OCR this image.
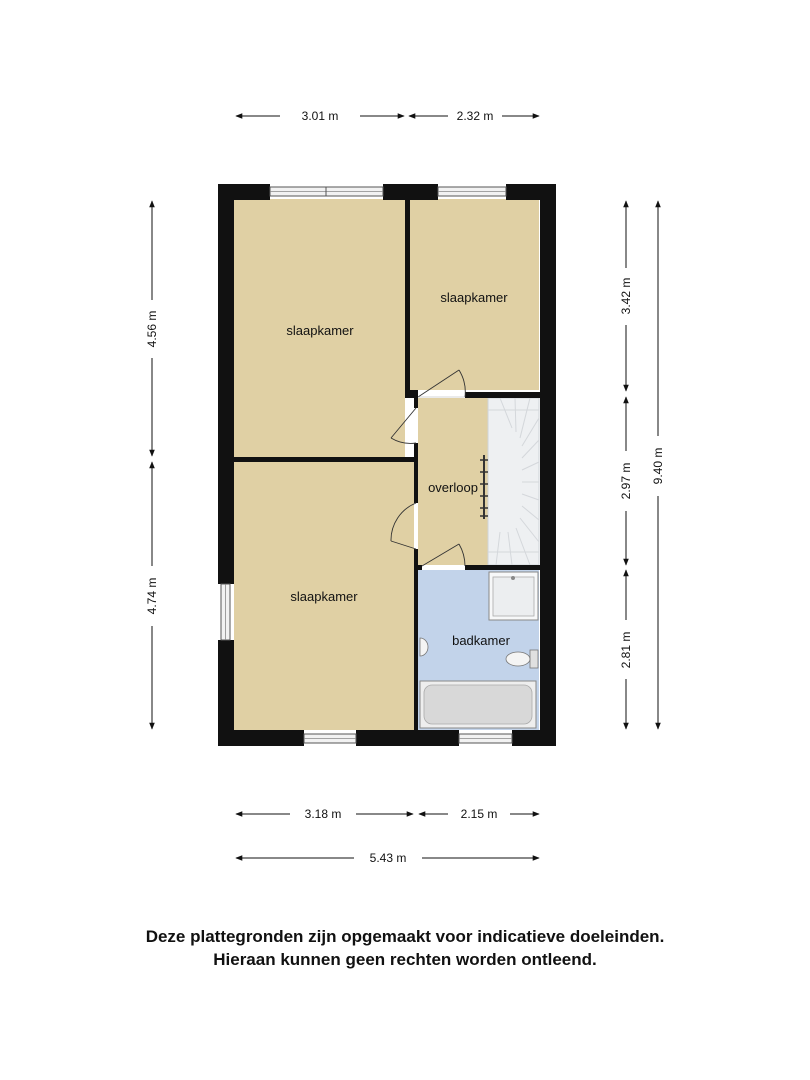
slaapkamer
slaapkamer
slaapkamer
overloop
badkamer
3.01 m	2.32 m
4.56 m
4.74 m
3.42 m
2.97 m
2.81 m
9.40 m
3.18 m	2.15 m
5.43 m
Deze plattegronden zijn opgemaakt voor indicatieve doeleinden.
Hieraan kunnen geen rechten worden ontleend.
